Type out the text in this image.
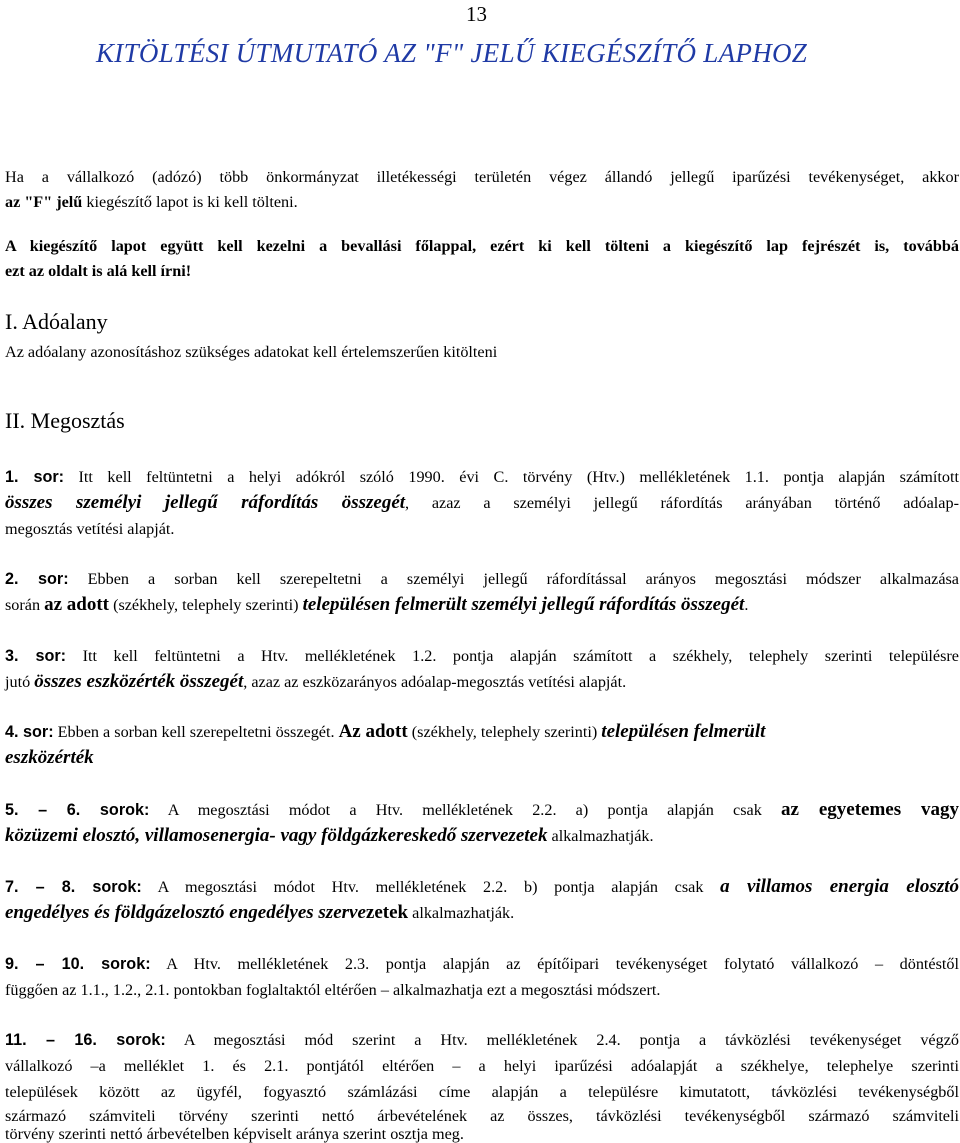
13
KITÖLTÉSI ÚTMUTATÓ AZ "F" JELŰ KIEGÉSZÍTŐ LAPHOZ
Ha a vállalkozó (adózó) több önkormányzat illetékességi területén végez állandó jellegű iparűzési tevékenységet, akkor
az "F" jelű kiegészítő lapot is ki kell tölteni.
A kiegészítő lapot együtt kell kezelni a bevallási főlappal, ezért ki kell tölteni a kiegészítő lap fejrészét is, továbbá
ezt az oldalt is alá kell írni!
I. Adóalany
Az adóalany azonosításhoz szükséges adatokat kell értelemszerűen kitölteni
II. Megosztás
1. sor: Itt kell feltüntetni a helyi adókról szóló 1990. évi C. törvény (Htv.) mellékletének 1.1. pontja alapján számított
összes személyi jellegű ráfordítás összegét, azaz a személyi jellegű ráfordítás arányában történő adóalap-
megosztás vetítési alapját.
2. sor: Ebben a sorban kell szerepeltetni a személyi jellegű ráfordítással arányos megosztási módszer alkalmazása
során az adott (székhely, telephely szerinti) településen felmerült személyi jellegű ráfordítás összegét.
3. sor: Itt kell feltüntetni a Htv. mellékletének 1.2. pontja alapján számított a székhely, telephely szerinti településre
jutó összes eszközérték összegét, azaz az eszközarányos adóalap-megosztás vetítési alapját.
4. sor: Ebben a sorban kell szerepeltetni összegét. Az adott (székhely, telephely szerinti) településen felmerült
eszközérték
5. – 6. sorok: A megosztási módot a Htv. mellékletének 2.2. a) pontja alapján csak az egyetemes vagy
közüzemi elosztó, villamosenergia- vagy földgázkereskedő szervezetek alkalmazhatják.
7. – 8. sorok: A megosztási módot Htv. mellékletének 2.2. b) pontja alapján csak a villamos energia elosztó
engedélyes és földgázelosztó engedélyes szervezetek alkalmazhatják.
9. – 10. sorok: A Htv. mellékletének 2.3. pontja alapján az építőipari tevékenységet folytató vállalkozó – döntéstől
függően az 1.1., 1.2., 2.1. pontokban foglaltaktól eltérően – alkalmazhatja ezt a megosztási módszert.
11. – 16. sorok: A megosztási mód szerint a Htv. mellékletének 2.4. pontja a távközlési tevékenységet végző
vállalkozó –a melléklet 1. és 2.1. pontjától eltérően – a helyi iparűzési adóalapját a székhelye, telephelye szerinti
települések között az ügyfél, fogyasztó számlázási címe alapján a településre kimutatott, távközlési tevékenységből
származó számviteli törvény szerinti nettó árbevételének az összes, távközlési tevékenységből származó számviteli
törvény szerinti nettó árbevételben képviselt aránya szerint osztja meg.
